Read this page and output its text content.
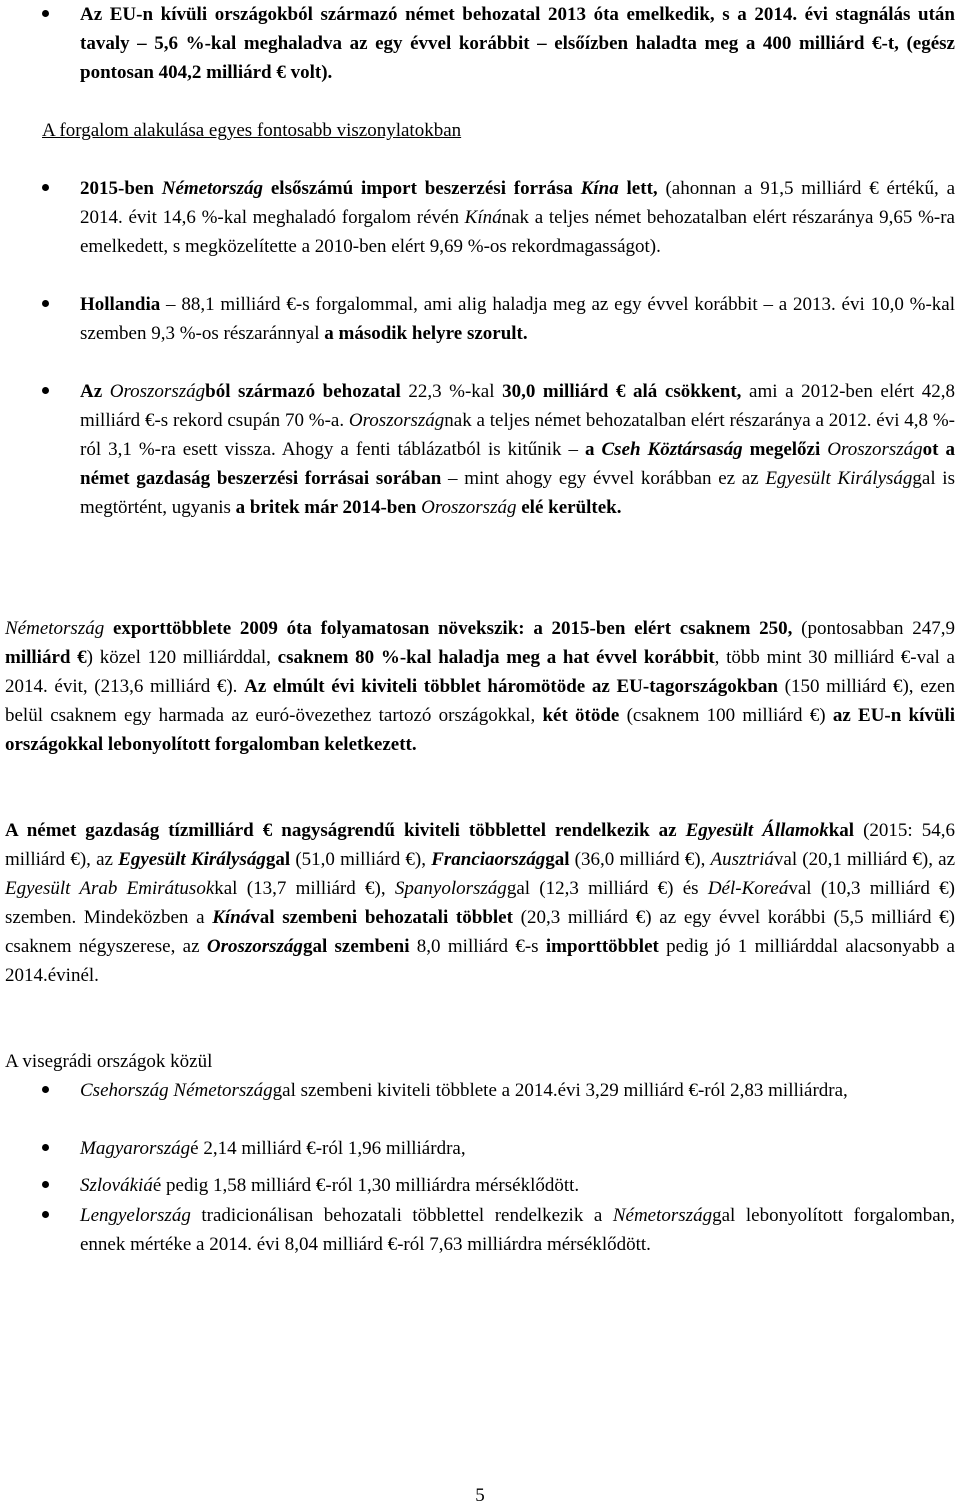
Az EU-n kívüli országokból származó német behozatal 2013 óta emelkedik, s a 2014. évi stagnálás után tavaly – 5,6 %-kal meghaladva az egy évvel korábbit – elsőízben haladta meg a 400 milliárd €-t, (egész pontosan 404,2 milliárd € volt).
A forgalom alakulása egyes fontosabb viszonylatokban
2015-ben Németország elsőszámú import beszerzési forrása Kína lett, (ahonnan a 91,5 milliárd € értékű, a 2014. évit 14,6 %-kal meghaladó forgalom révén Kínának a teljes német behozatalban elért részaránya 9,65 %-ra emelkedett, s megközelítette a 2010-ben elért 9,69 %-os rekordmagasságot).
Hollandia – 88,1 milliárd €-s forgalommal, ami alig haladja meg az egy évvel korábbit – a 2013. évi 10,0 %-kal szemben 9,3 %-os részaránnyal a második helyre szorult.
Az Oroszországból származó behozatal 22,3 %-kal 30,0 milliárd € alá csökkent, ami a 2012-ben elért 42,8 milliárd €-s rekord csupán 70 %-a. Oroszországnak a teljes német behozatalban elért részaránya a 2012. évi 4,8 %-ról 3,1 %-ra esett vissza. Ahogy a fenti táblázatból is kitűnik – a Cseh Köztársaság megelőzi Oroszországot a német gazdaság beszerzési forrásai sorában – mint ahogy egy évvel korábban ez az Egyesült Királysággal is megtörtént, ugyanis a britek már 2014-ben Oroszország elé kerültek.
Németország exporttöbblete 2009 óta folyamatosan növekszik: a 2015-ben elért csaknem 250, (pontosabban 247,9 milliárd €) közel 120 milliárddal, csaknem 80 %-kal haladja meg a hat évvel korábbit, több mint 30 milliárd €-val a 2014. évit, (213,6 milliárd €). Az elmúlt évi kiviteli többlet háromötöde az EU-tagországokban (150 milliárd €), ezen belül csaknem egy harmada az euró-övezethez tartozó országokkal, két ötöde (csaknem 100 milliárd €) az EU-n kívüli országokkal lebonyolított forgalomban keletkezett.
A német gazdaság tízmilliárd € nagyságrendű kiviteli többlettel rendelkezik az Egyesült Államokkal (2015: 54,6 milliárd €), az Egyesült Királysággal (51,0 milliárd €), Franciaországgal (36,0 milliárd €), Ausztriával (20,1 milliárd €), az Egyesült Arab Emirátusokkal (13,7 milliárd €), Spanyolországgal (12,3 milliárd €) és Dél-Koreával (10,3 milliárd €) szemben. Mindeközben a Kínával szembeni behozatali többlet (20,3 milliárd €) az egy évvel korábbi (5,5 milliárd €) csaknem négyszerese, az Oroszországgal szembeni 8,0 milliárd €-s importtöbblet pedig jó 1 milliárddal alacsonyabb a 2014.évinél.
A visegrádi országok közül
Csehország Németországgal szembeni kiviteli többlete a 2014.évi 3,29 milliárd €-ról 2,83 milliárdra,
Magyarországé 2,14 milliárd €-ról 1,96 milliárdra,
Szlovákiáé pedig 1,58 milliárd €-ról 1,30 milliárdra mérséklődött.
Lengyelország tradicionálisan behozatali többlettel rendelkezik a Németországgal lebonyolított forgalomban, ennek mértéke a 2014. évi 8,04 milliárd €-ról 7,63 milliárdra mérséklődött.
5
